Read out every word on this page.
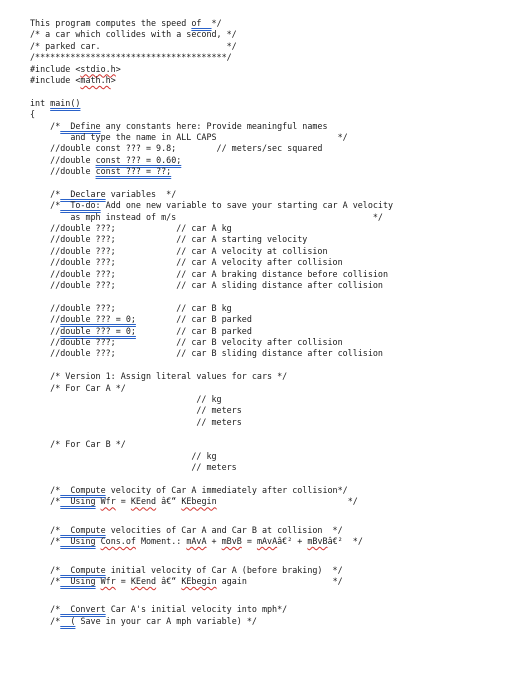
This program computes the speed of  */
/* a car which collides with a second, */
/* parked car.                         */
/**************************************/
#include <stdio.h>
#include <math.h>
int main()
{
/*  Define any constants here: Provide meaningful names
and type the name in ALL CAPS                        */
//double const ??? = 9.8;        // meters/sec squared
//double const ??? = 0.60;
//double const ??? = ??;
/*  Declare variables  */
/*  To-do: Add one new variable to save your starting car A velocity
as mph instead of m/s                                       */
//double ???;            // car A kg
//double ???;            // car A starting velocity
//double ???;            // car A velocity at collision
//double ???;            // car A velocity after collision
//double ???;            // car A braking distance before collision
//double ???;            // car A sliding distance after collision
//double ???;            // car B kg
//double ??? = 0;        // car B parked
//double ??? = 0;        // car B parked
//double ???;            // car B velocity after collision
//double ???;            // car B sliding distance after collision
/* Version 1: Assign literal values for cars */
/* For Car A */
// kg
// meters
// meters
/* For Car B */
// kg
// meters
/*  Compute velocity of Car A immediately after collision*/
/*  Using Wfr = KEend â€“ KEbegin                          */
/*  Compute velocities of Car A and Car B at collision  */
/*  Using Cons.of Moment.: mAvA + mBvB = mAvAâ€² + mBvBâ€²  */
/*  Compute initial velocity of Car A (before braking)  */
/*  Using Wfr = KEend â€“ KEbegin again                 */
/*  Convert Car A's initial velocity into mph*/
/*  ( Save in your car A mph variable) */
